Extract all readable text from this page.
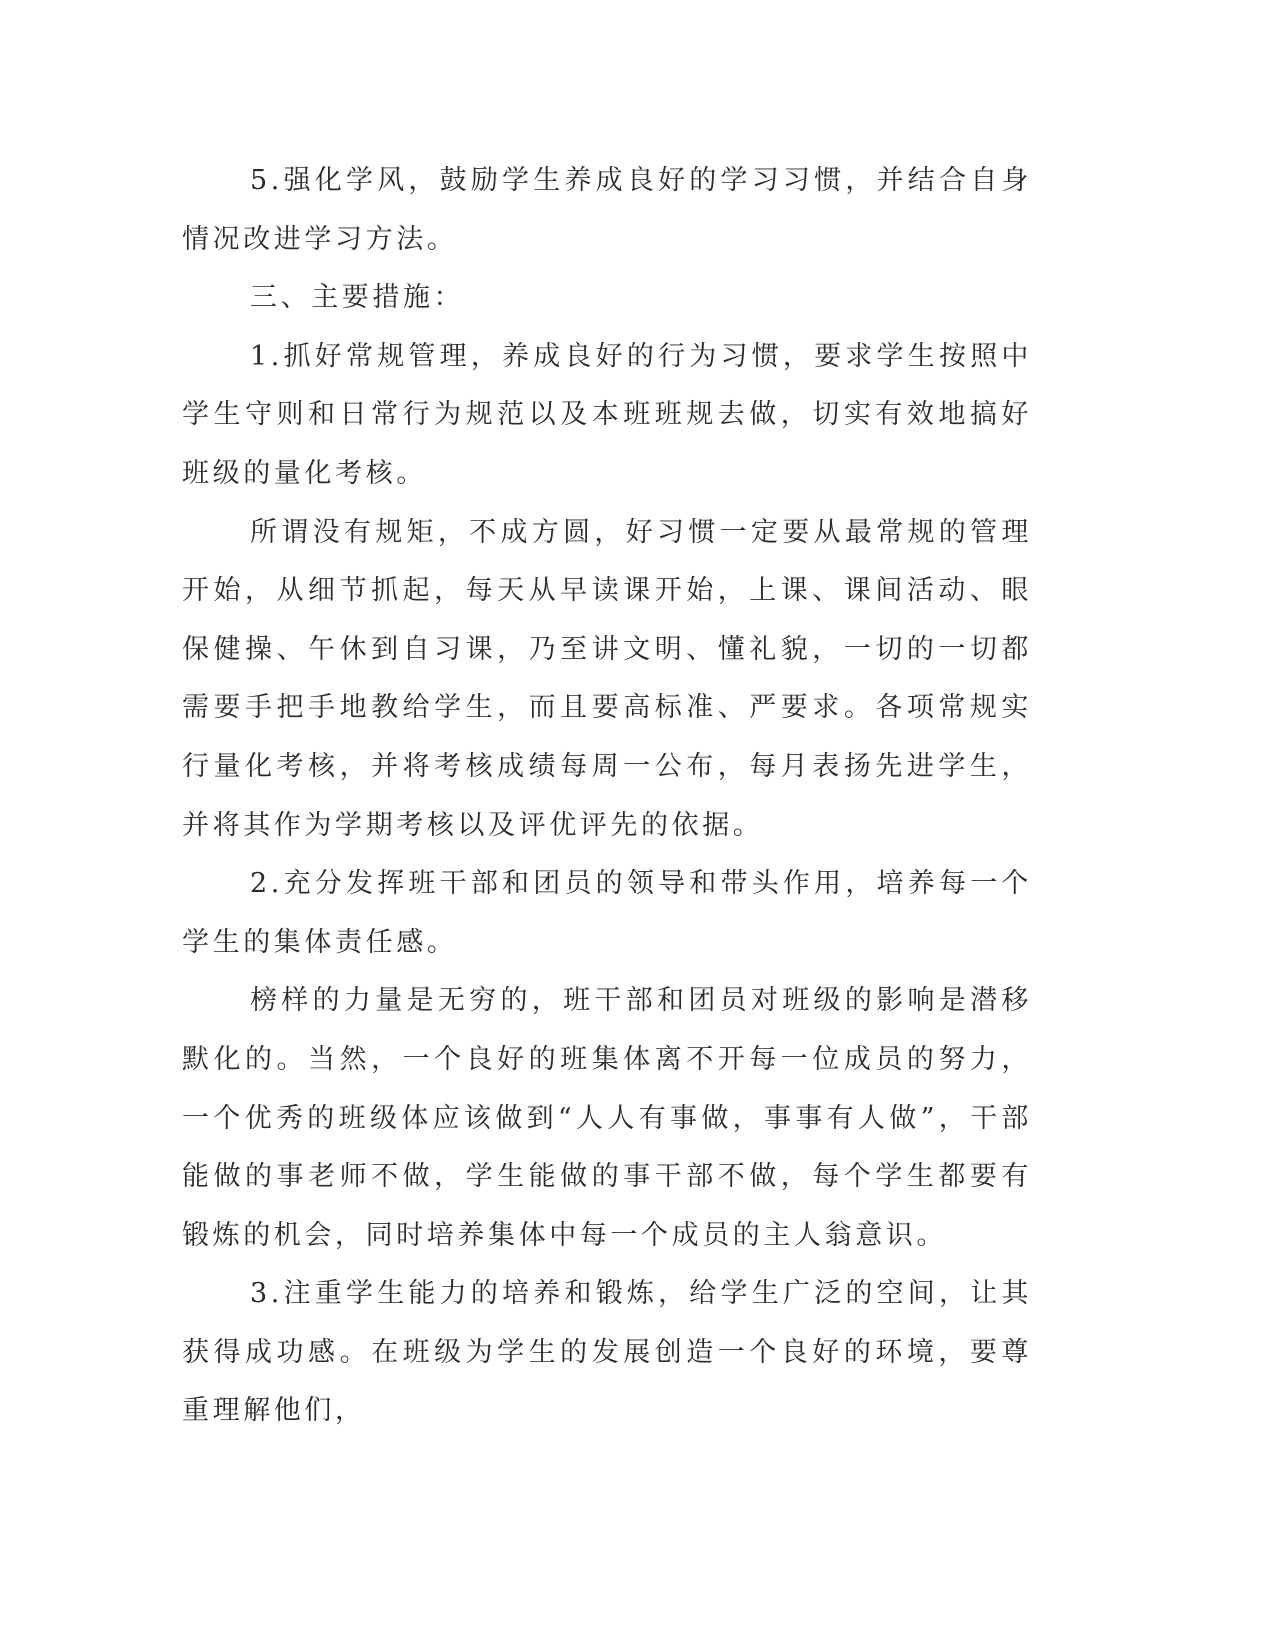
5.强化学风，鼓励学生养成良好的学习习惯，并结合自身情况改进学习方法。

三、主要措施：

1.抓好常规管理，养成良好的行为习惯，要求学生按照中学生守则和日常行为规范以及本班班规去做，切实有效地搞好班级的量化考核。

所谓没有规矩，不成方圆，好习惯一定要从最常规的管理开始，从细节抓起，每天从早读课开始，上课、课间活动、眼保健操、午休到自习课，乃至讲文明、懂礼貌，一切的一切都需要手把手地教给学生，而且要高标准、严要求。各项常规实行量化考核，并将考核成绩每周一公布，每月表扬先进学生，并将其作为学期考核以及评优评先的依据。

2.充分发挥班干部和团员的领导和带头作用，培养每一个学生的集体责任感。

榜样的力量是无穷的，班干部和团员对班级的影响是潜移默化的。当然，一个良好的班集体离不开每一位成员的努力，一个优秀的班级体应该做到“人人有事做，事事有人做”，干部能做的事老师不做，学生能做的事干部不做，每个学生都要有锻炼的机会，同时培养集体中每一个成员的主人翁意识。

3.注重学生能力的培养和锻炼，给学生广泛的空间，让其获得成功感。在班级为学生的发展创造一个良好的环境，要尊重理解他们，
